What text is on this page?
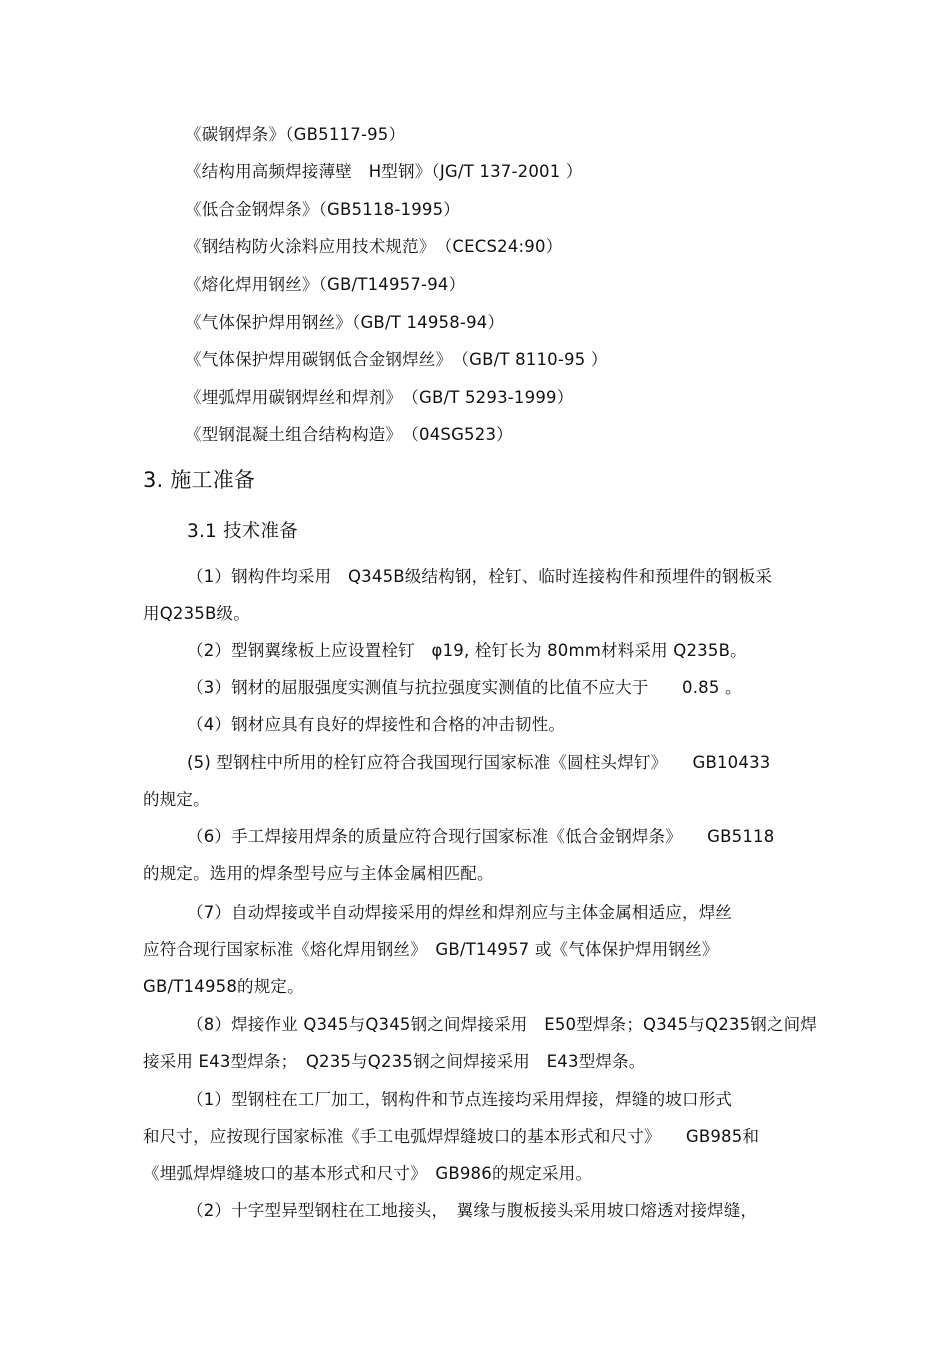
《碳钢焊条》（GB5117-95）
《结构用高频焊接薄壁　H型钢》（JG/T 137-2001 ）
《低合金钢焊条》（GB5118-1995）
《钢结构防火涂料应用技术规范》　（CECS24:90）
《熔化焊用钢丝》（GB/T14957-94）
《气体保护焊用钢丝》（GB/T 14958-94）
《气体保护焊用碳钢低合金钢焊丝》　（GB/T 8110-95 ）
《埋弧焊用碳钢焊丝和焊剂》　（GB/T 5293-1999）
《型钢混凝土组合结构构造》　（04SG523）
3. 施工准备
3.1 技术准备
（1）钢构件均采用　Q345B级结构钢，栓钉、临时连接构件和预埋件的钢板采
用Q235B级。
（2）型钢翼缘板上应设置栓钉　φ19, 栓钉长为 80mm材料采用 Q235B。
（3）钢材的屈服强度实测值与抗拉强度实测值的比值不应大于　　0.85 。
（4）钢材应具有良好的焊接性和合格的冲击韧性。
(5) 型钢柱中所用的栓钉应符合我国现行国家标准《圆柱头焊钉》　　GB10433
的规定。
（6）手工焊接用焊条的质量应符合现行国家标准《低合金钢焊条》　　GB5118
的规定。选用的焊条型号应与主体金属相匹配。
（7）自动焊接或半自动焊接采用的焊丝和焊剂应与主体金属相适应，焊丝
应符合现行国家标准《熔化焊用钢丝》　GB/T14957 或《气体保护焊用钢丝》
GB/T14958的规定。
（8）焊接作业 Q345与Q345钢之间焊接采用　E50型焊条；Q345与Q235钢之间焊
接采用 E43型焊条；　Q235与Q235钢之间焊接采用　E43型焊条。
（1）型钢柱在工厂加工，钢构件和节点连接均采用焊接，焊缝的坡口形式
和尺寸，应按现行国家标准《手工电弧焊焊缝坡口的基本形式和尺寸》　　GB985和
《埋弧焊焊缝坡口的基本形式和尺寸》　GB986的规定采用。
（2）十字型异型钢柱在工地接头，　翼缘与腹板接头采用坡口熔透对接焊缝，
